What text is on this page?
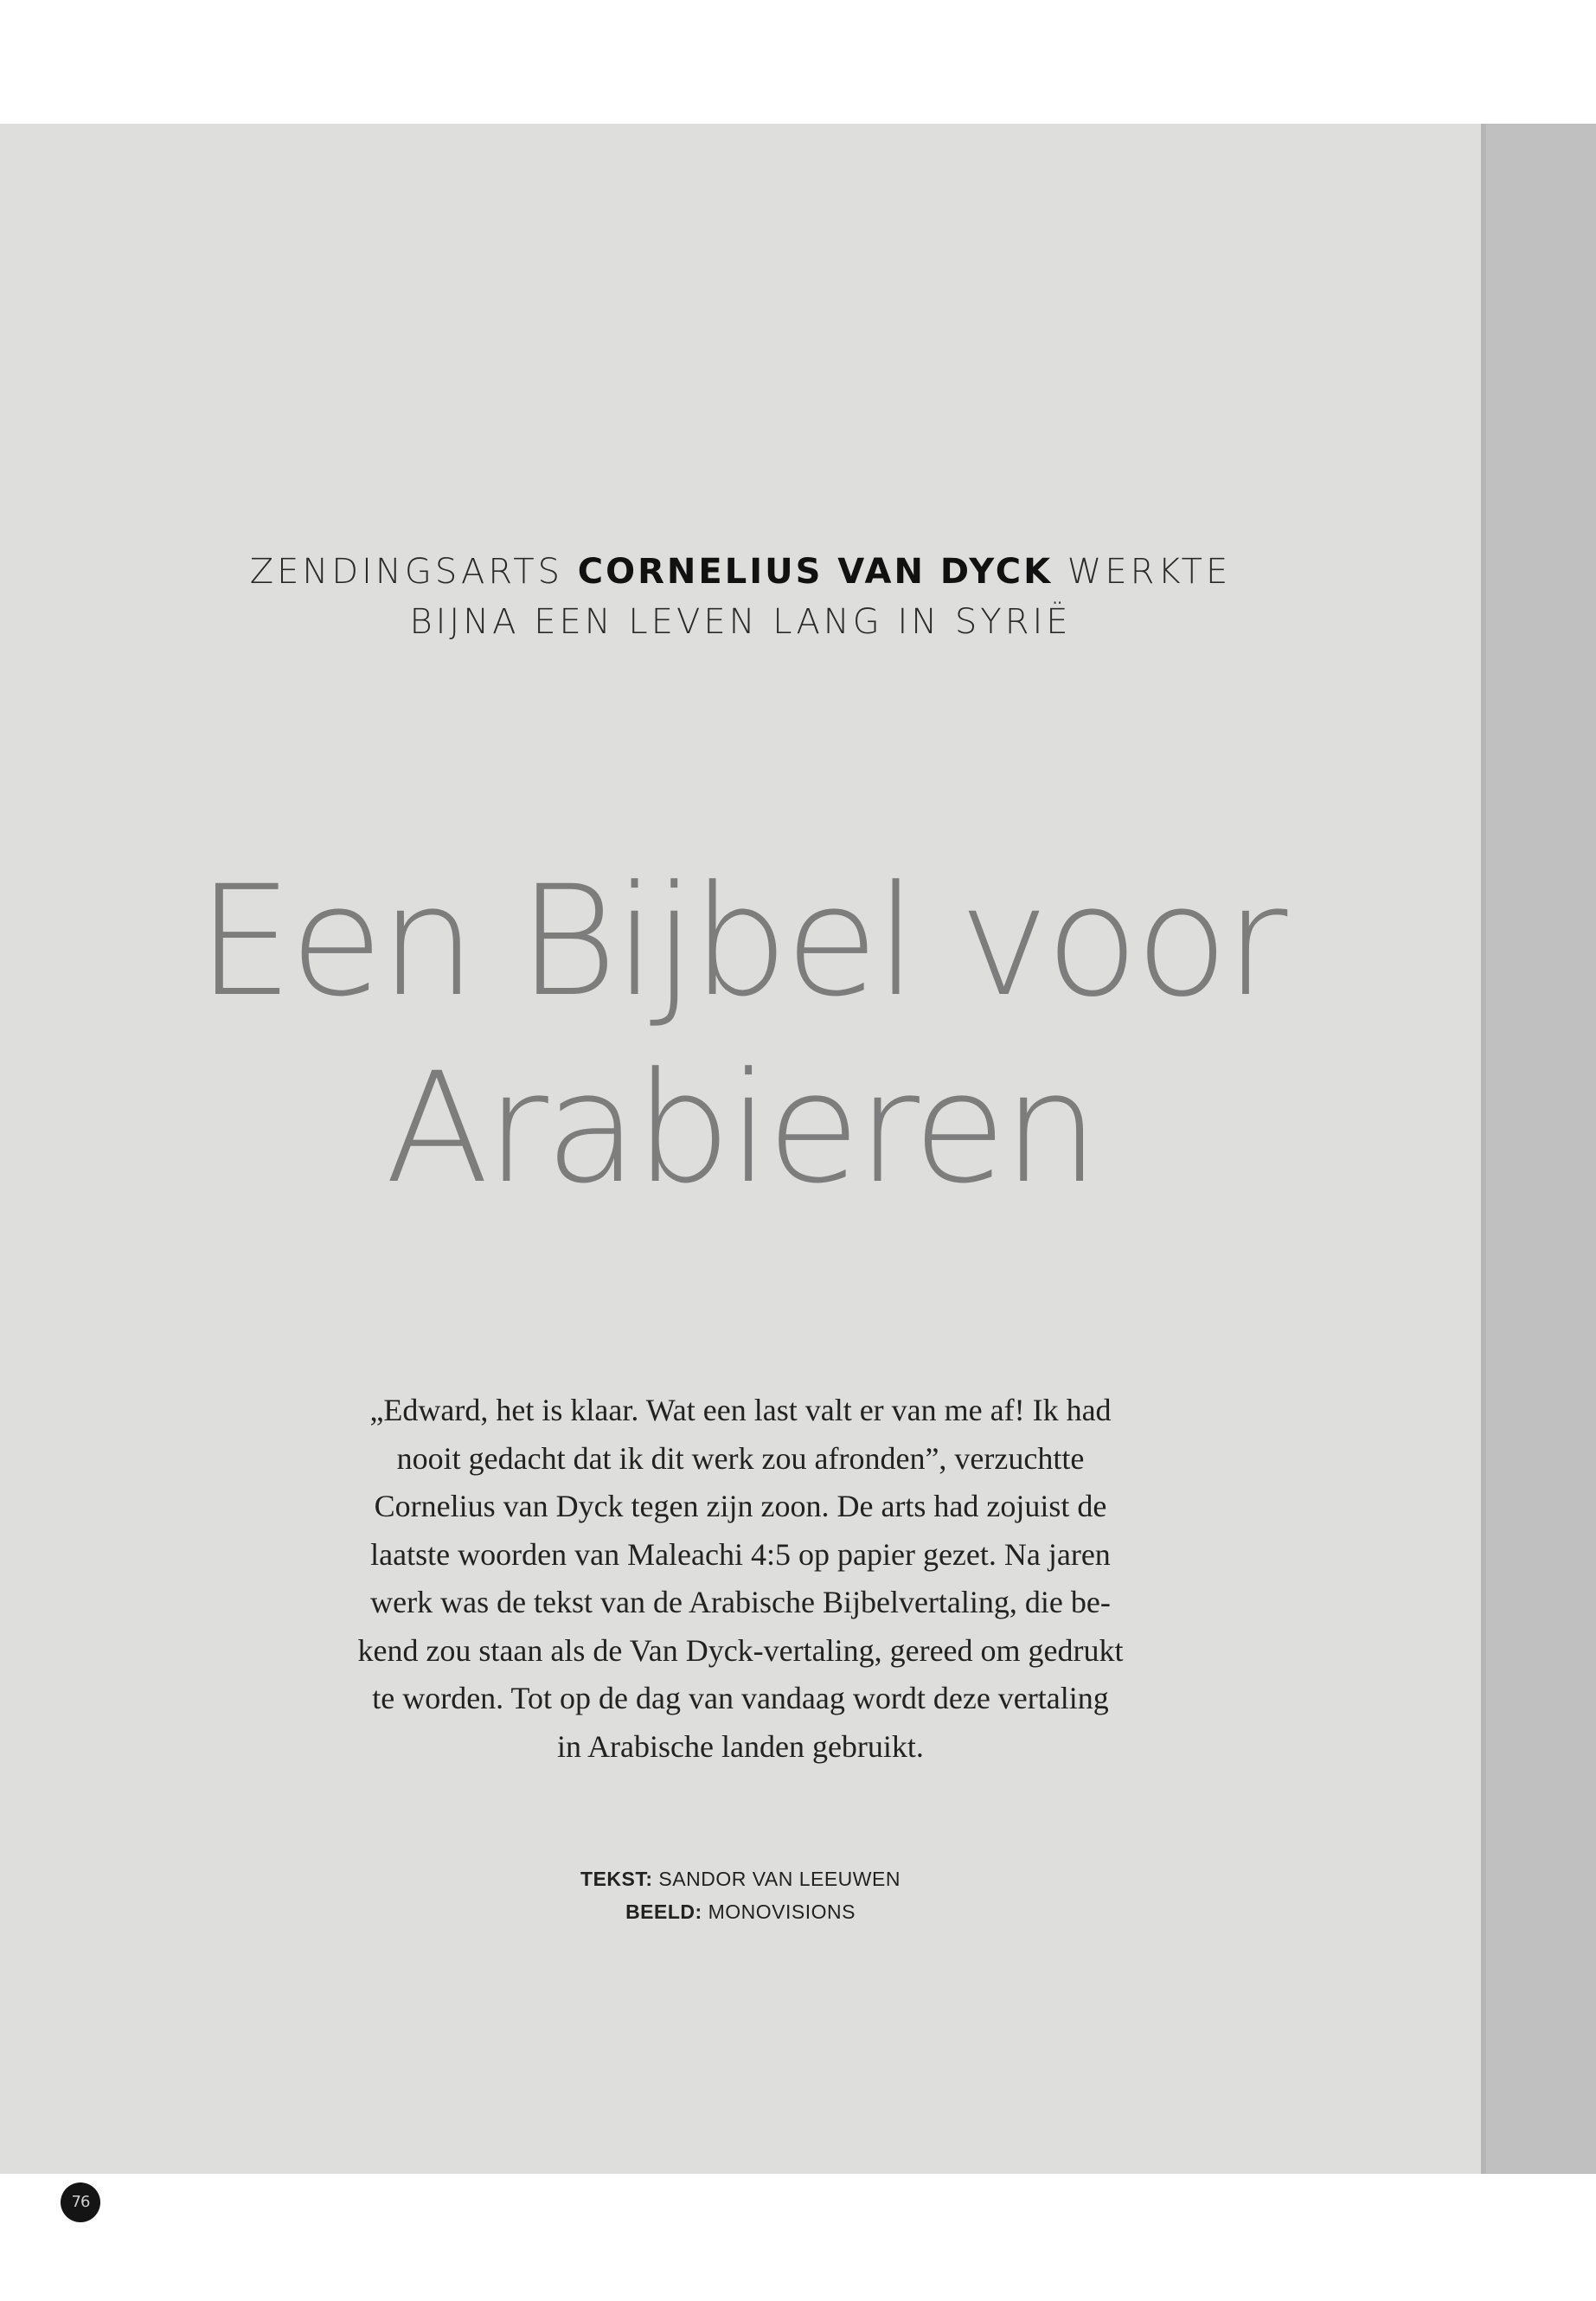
ZENDINGSARTS CORNELIUS VAN DYCK WERKTE

BIJNA EEN LEVEN LANG IN SYRIË

Een Bijbel voor
Arabieren

„Edward, het is klaar. Wat een last valt er van me af! Ik had
nooit gedacht dat ik dit werk zou afronden”, verzuchtte
Cornelius van Dyck tegen zijn zoon. De arts had zojuist de
laatste woorden van Maleachi 4:5 op papier gezet. Na jaren
werk was de tekst van de Arabische Bijbelvertaling, die be-
kend zou staan als de Van Dyck-vertaling, gereed om gedrukt
te worden. Tot op de dag van vandaag wordt deze vertaling
in Arabische landen gebruikt.

TEKST: SANDOR VAN LEEUWEN
BEELD: MONOVISIONS
76
